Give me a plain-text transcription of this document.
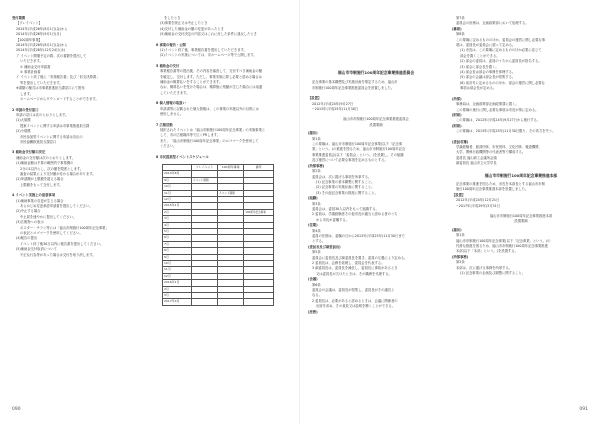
受付期間
【プレイベント】
2014年(平成26年)8月1日(金)から
2014年(平成26年)9月1日(月)
【100周年事業】
2014年(平成26年)8月1日(金)から
2014年(平成26年)12月24日(水)
ア イベント開催予定の際、次の書類を提出して
いただきます。
① 補助金交付申請書
② 事業計画書
イ イベント終了後に「実施報告書」及び「収支決算書」
等を提出していただきます。
※書類の様式は市事業推進担当課窓口にて配布
します。
ホームページからダウンロードすることができます。
2 申請の受付窓口
申請の窓口は次のとおりとします。
(1)大規模
提案イベントに関する申請は市事業推進担当課
(2)小規模
市民参加型イベントに関する申請は各区の
市民協働推進担当課窓口
3 補助金交付額の決定
補助金の交付額は次のとおりとします。
(1)補助金額は予算の範囲内で事業費の
2分の1以内とし、次の額を限度とします。
審査の結果により交付額が変わる場合があります。
(2)申請額が上限額を超える場合
上限額をもって交付します。
4 イベント実施上の留意事項
(1)補助事業の変更が生じる場合
あらかじめ変更承認申請書を提出してください。
(2)中止する場合
中止届を速やかに提出してください。
(3)広報物への表示
ポスター・チラシ等には「福山市制施行100周年記念事業」
の表記とロゴマークを使用してください。
(4)報告の提出
イベント終了後30日以内に報告書を提出してください。
(5)補助金交付取消について
不正な行為等があった場合は交付を取り消します。
をしたとき
(3)事業を廃止又は中止したとき
(4)交付した補助金の額の変更があったとき
(5)補助金の交付決定の内容又はこれに付した条件に違反したとき
6 事業の報告・公開
(1)イベント終了後、事業報告書を提出していただきます。
(2)イベントの実施については、市ホームページ等で公開します。
5 補助金の交付
事業報告書等の提出後、その内容を審査して、交付すべき補助金の額
を確定し、交付します。ただし、事業実施に際し必要と認める場合は
補助金の概算払いをすることができます。
なお、概算払いを受けた場合は、精算後に残額が生じた場合には返還
していただきます。
6 個人情報の取扱い
申請書等に記載された個人情報は、この事業の実施以外の目的には
使用しません。
7 広報活動
採択されたイベントは「福山市制施行100周年記念事業」の実施事業と
して、市の広報媒体等で広くPRします。
また、「福山市制施行100周年記念事業」のロゴマークを使用して
ください。
8 市民提案型イベントスケジュール
	プレイベント	100周年事業	備考
2014年8月			
9月	イベント期間		
10月			
11月		イベント期間	
12月			
2015年1月			
2月			100周年記念事業
3月			
4月			
5月			
6月			
7月			
8月			
9月			
10月			
11月			
12月			
2016年1月			
2月			
3月			
2017年3月			
090
福山市市制施行100周年記念事業推進委員会
記念事業の基本構想及び実施計画を策定するため、福山市
市制施行100周年記念事業推進委員会を設置しました。
【設置】
2012年(平成24年)9月27日
~2013年(平成25年)11月30日
福山市市制施行100周年記念事業推進委員会
設置要綱
(趣旨)
第1条
この要綱は、福山市市制施行100周年記念事業(以下「記念事
業」という。)の推進を図るため、福山市市制施行100周年記念
事業推進委員会(以下「委員会」という。)を設置し、その組織
及び運営について必要な事項を定めるものとする。
(所掌事務)
第2条
委員会は、次に掲げる事項を所掌する。
(1) 記念事業の基本構想に関すること。
(2) 記念事業の実施計画に関すること。
(3) その他記念事業の推進に関すること。
(組織)
第3条
委員会は、委員30人以内をもって組織する。
2 委員は、学識経験者その他市長が適当と認める者のうち
から市長が委嘱する。
(任期)
第4条
委員の任期は、委嘱の日から2013年(平成25年)11月30日まで
とする。
(委員長及び副委員長)
第5条
委員会に委員長及び副委員長を置き、委員の互選により定める。
2 委員長は、会務を総理し、委員会を代表する。
3 副委員長は、委員長を補佐し、委員長に事故があるとき
又は委員長が欠けたときは、その職務を代理する。
(会議)
第6条
委員会の会議は、委員長が招集し、委員長がその議長と
なる。
2 委員長は、必要があると認めるときは、会議に関係者の
出席を求め、その意見又は説明を聴くことができる。
(庶務)
第7条
委員会の庶務は、企画政策部において処理する。
(雑則)
第8条
この要綱に定めるもののほか、委員会の運営に関し必要な事
項は、委員長が委員会に諮って定める。
(1) 市長は、この要綱に定めるもののほか必要に応じて
部会を置くことができる。
(2) 部会の委員は、委員のうちから委員長が指名する。
(3) 部会に部会長を置く。
(4) 部会長は部会の事務を掌理する。
(5) 部会の会議は部会長が招集する。
(6) 前各号に定めるもののほか、部会の運営に関し必要な
事項は部会長が定める。
(所掌)
事務局は、企画政策部企画政策課に置く。
この要綱の施行に関し必要な事項は市長が別に定める。
(附則)
この要綱は、2012年(平成24年)9月27日から施行する。
(附則)
この要綱は、2013年(平成25年)11月30日限り、その効力を失う。
(委員名簿)
学識経験者、経済団体、市民団体、文化団体、報道機関、
大学、関係行政機関等の代表者等で構成する。
委員長 福山商工会議所会頭
副委員長 福山市立大学学長
福山市市制施行100周年記念事業推進本部
記念事業の推進を図るため、市長を本部長とする福山市市制
施行100周年記念事業推進本部を設置しました。
【設置】
2012年(平成24年)12月21日
~2017年(平成29年)3月31日
福山市市制施行100周年記念事業推進本部
設置要綱
(趣旨)
第1条
福山市市制施行100周年記念事業(以下「記念事業」という。)の
円滑な推進を図るため、福山市市制施行100周年記念事業推進
本部(以下「本部」という。)を設置する。
(所掌事務)
第2条
本部は、次に掲げる事務を所掌する。
(1) 記念事業の企画及び調整に関すること。
091
